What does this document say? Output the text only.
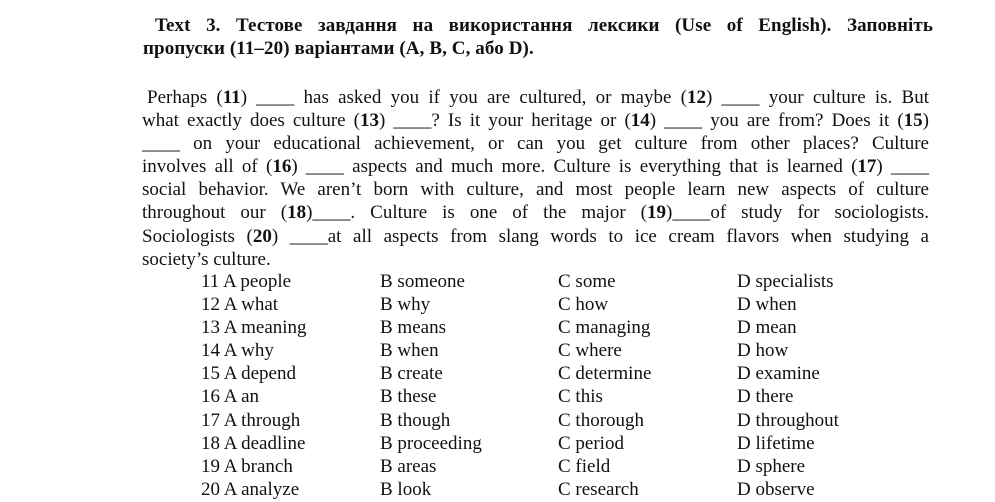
Text 3. Тестове завдання на використання лексики (Use of English). Заповніть
пропуски (11–20) варіантами (A, B, C, або D).
Perhaps (11) ____ has asked you if you are cultured, or maybe (12) ____ your culture is. But
what exactly does culture (13) ____? Is it your heritage or (14) ____ you are from? Does it (15)
____ on your educational achievement, or can you get culture from other places? Culture
involves all of (16) ____ aspects and much more. Culture is everything that is learned (17) ____
social behavior. We aren’t born with culture, and most people learn new aspects of culture
throughout our (18)____. Culture is one of the major (19)____of study for sociologists.
Sociologists (20) ____at all aspects from slang words to ice cream flavors when studying a
society’s culture.
11 A people	B someone	C some	D specialists
12 A what	B why	C how	D when
13 A meaning	B means	C managing	D mean
14 A why	B when	C where	D how
15 A depend	B create	C determine	D examine
16 A an	B these	C this	D there
17 A through	B though	C thorough	D throughout
18 A deadline	B proceeding	C period	D lifetime
19 A branch	B areas	C field	D sphere
20 A analyze	B look	C research	D observe
